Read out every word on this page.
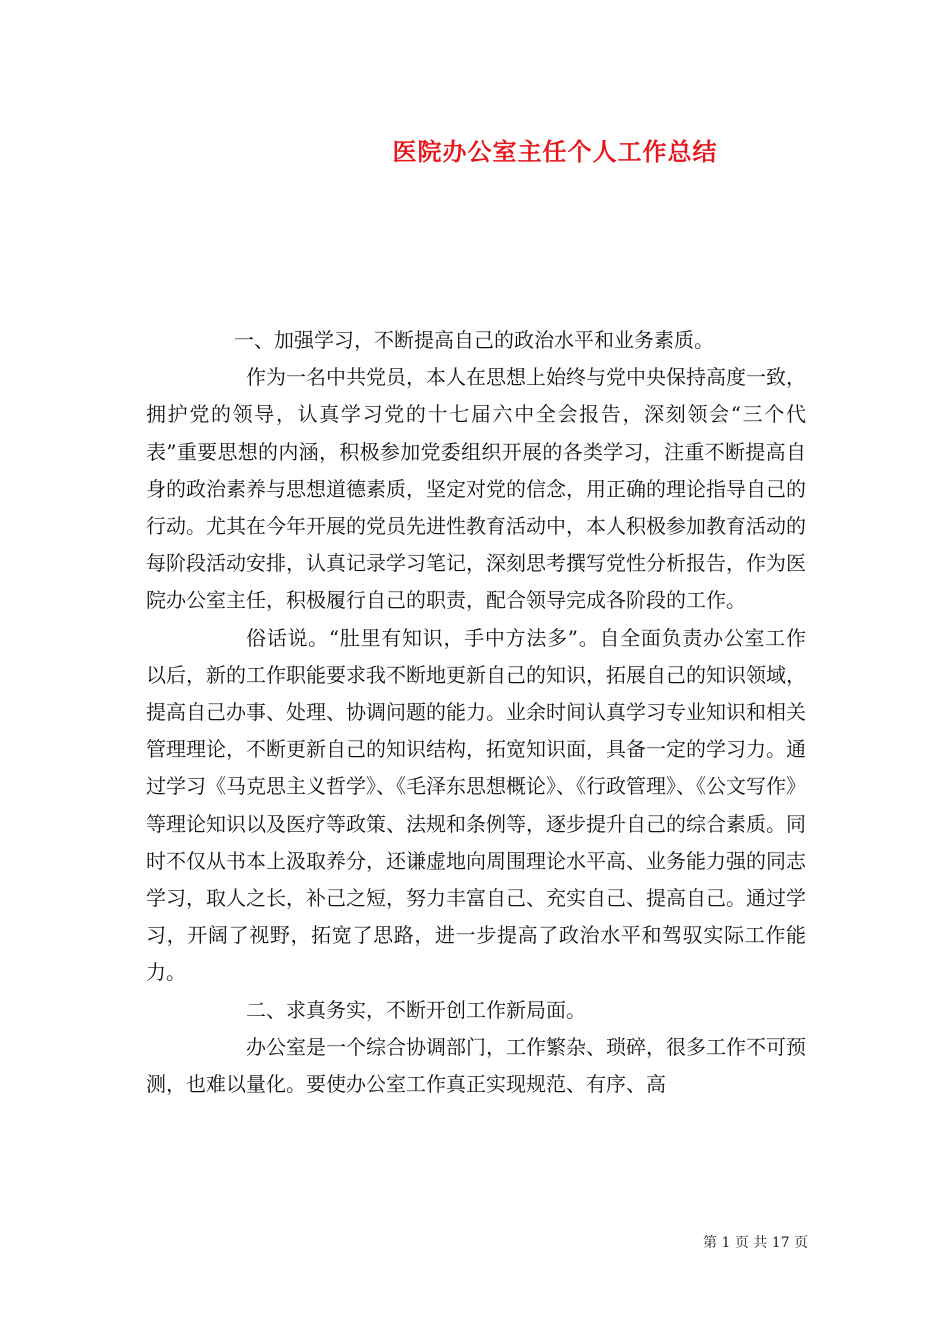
医院办公室主任个人工作总结

一、加强学习，不断提高自己的政治水平和业务素质。

作为一名中共党员，本人在思想上始终与党中央保持高度一致，拥护党的领导，认真学习党的十七届六中全会报告，深刻领会“三个代表”重要思想的内涵，积极参加党委组织开展的各类学习，注重不断提高自身的政治素养与思想道德素质，坚定对党的信念，用正确的理论指导自己的行动。尤其在今年开展的党员先进性教育活动中，本人积极参加教育活动的每阶段活动安排，认真记录学习笔记，深刻思考撰写党性分析报告，作为医院办公室主任，积极履行自己的职责，配合领导完成各阶段的工作。

俗话说。“肚里有知识，手中方法多”。自全面负责办公室工作以后，新的工作职能要求我不断地更新自己的知识，拓展自己的知识领域，提高自己办事、处理、协调问题的能力。业余时间认真学习专业知识和相关管理理论，不断更新自己的知识结构，拓宽知识面，具备一定的学习力。通过学习《马克思主义哲学》、《毛泽东思想概论》、《行政管理》、《公文写作》等理论知识以及医疗等政策、法规和条例等，逐步提升自己的综合素质。同时不仅从书本上汲取养分，还谦虚地向周围理论水平高、业务能力强的同志学习，取人之长，补己之短，努力丰富自己、充实自己、提高自己。通过学习，开阔了视野，拓宽了思路，进一步提高了政治水平和驾驭实际工作能力。

二、求真务实，不断开创工作新局面。

办公室是一个综合协调部门，工作繁杂、琐碎，很多工作不可预测，也难以量化。要使办公室工作真正实现规范、有序、高

第 1 页 共 17 页
